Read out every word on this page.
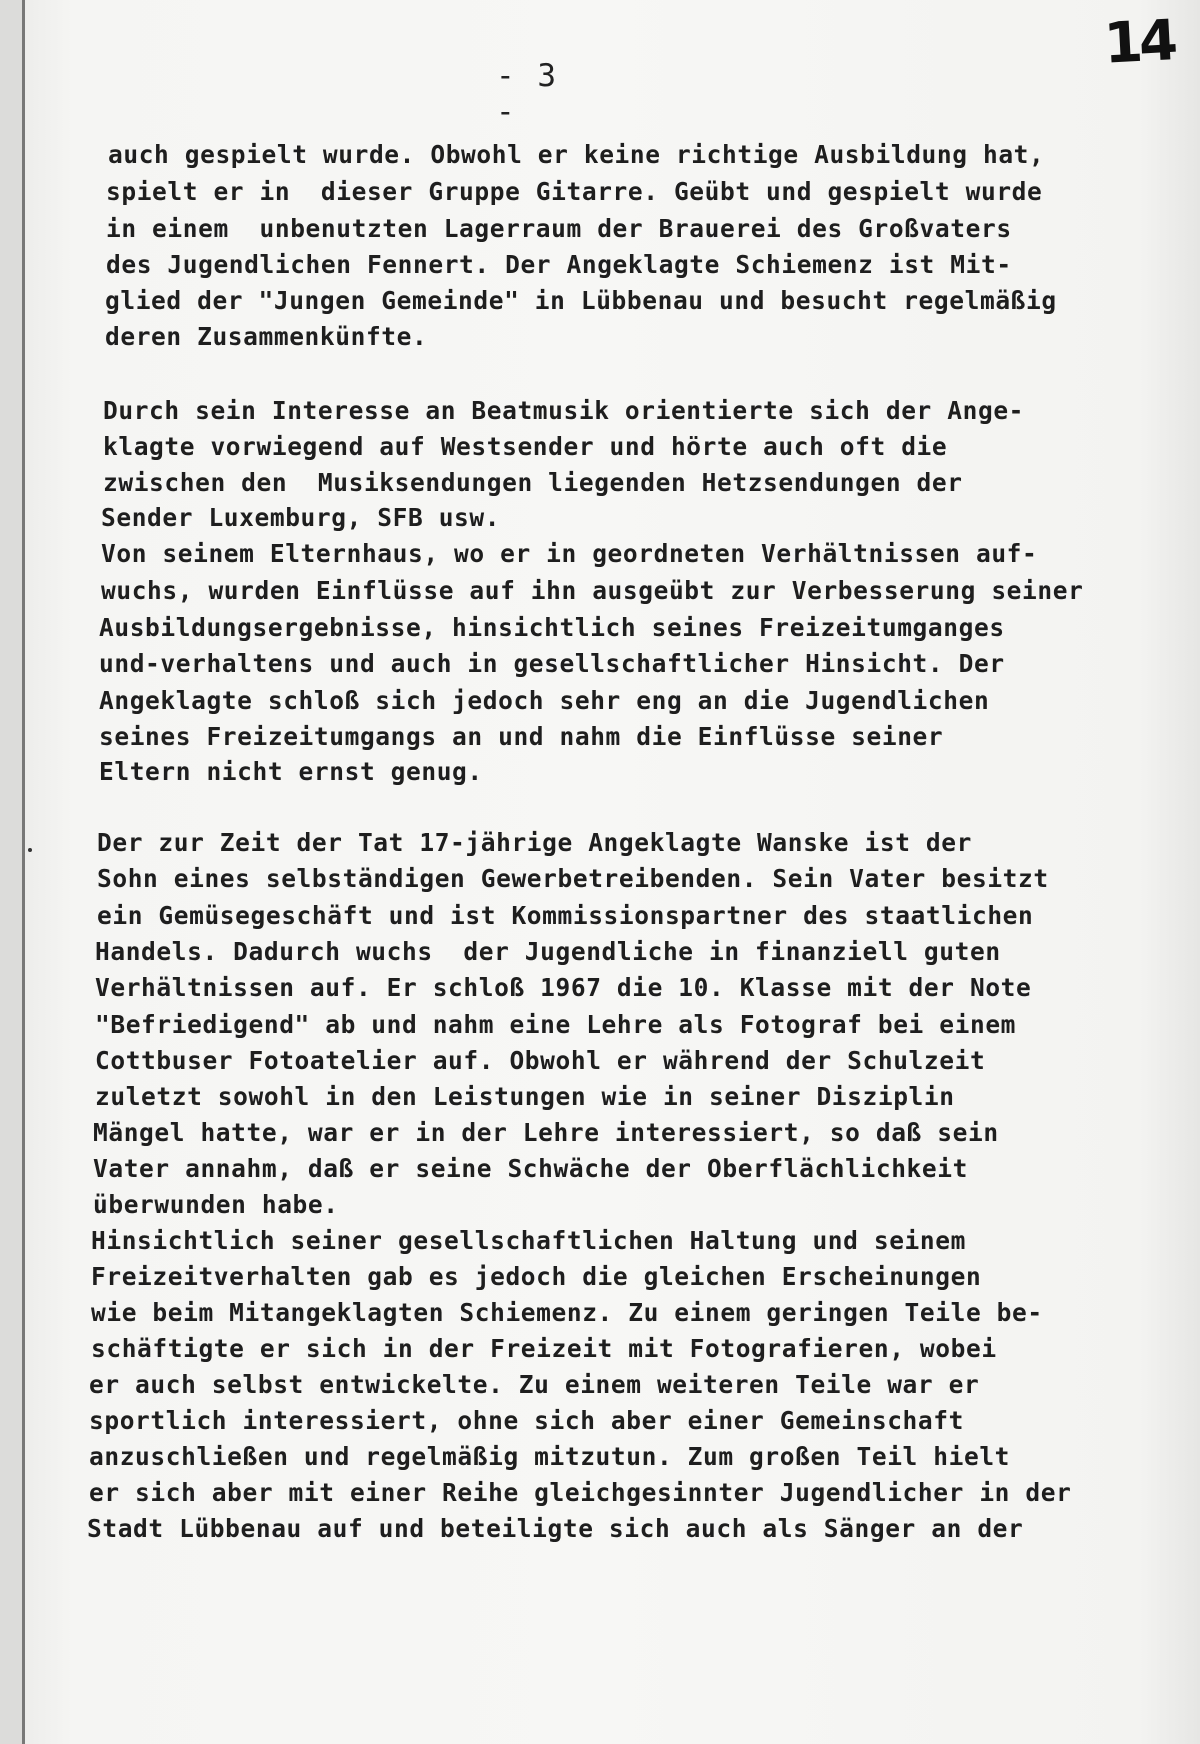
- 3 -
14
auch gespielt wurde. Obwohl er keine richtige Ausbildung hat,
spielt er in  dieser Gruppe Gitarre. Geübt und gespielt wurde
in einem  unbenutzten Lagerraum der Brauerei des Großvaters
des Jugendlichen Fennert. Der Angeklagte Schiemenz ist Mit-
glied der "Jungen Gemeinde" in Lübbenau und besucht regelmäßig
deren Zusammenkünfte.
Durch sein Interesse an Beatmusik orientierte sich der Ange-
klagte vorwiegend auf Westsender und hörte auch oft die
zwischen den  Musiksendungen liegenden Hetzsendungen der
Sender Luxemburg, SFB usw.
Von seinem Elternhaus, wo er in geordneten Verhältnissen auf-
wuchs, wurden Einflüsse auf ihn ausgeübt zur Verbesserung seiner
Ausbildungsergebnisse, hinsichtlich seines Freizeitumganges
und-verhaltens und auch in gesellschaftlicher Hinsicht. Der
Angeklagte schloß sich jedoch sehr eng an die Jugendlichen
seines Freizeitumgangs an und nahm die Einflüsse seiner
Eltern nicht ernst genug.
Der zur Zeit der Tat 17-jährige Angeklagte Wanske ist der
Sohn eines selbständigen Gewerbetreibenden. Sein Vater besitzt
ein Gemüsegeschäft und ist Kommissionspartner des staatlichen
Handels. Dadurch wuchs  der Jugendliche in finanziell guten
Verhältnissen auf. Er schloß 1967 die 10. Klasse mit der Note
"Befriedigend" ab und nahm eine Lehre als Fotograf bei einem
Cottbuser Fotoatelier auf. Obwohl er während der Schulzeit
zuletzt sowohl in den Leistungen wie in seiner Disziplin
Mängel hatte, war er in der Lehre interessiert, so daß sein
Vater annahm, daß er seine Schwäche der Oberflächlichkeit
überwunden habe.
Hinsichtlich seiner gesellschaftlichen Haltung und seinem
Freizeitverhalten gab es jedoch die gleichen Erscheinungen
wie beim Mitangeklagten Schiemenz. Zu einem geringen Teile be-
schäftigte er sich in der Freizeit mit Fotografieren, wobei
er auch selbst entwickelte. Zu einem weiteren Teile war er
sportlich interessiert, ohne sich aber einer Gemeinschaft
anzuschließen und regelmäßig mitzutun. Zum großen Teil hielt
er sich aber mit einer Reihe gleichgesinnter Jugendlicher in der
Stadt Lübbenau auf und beteiligte sich auch als Sänger an der
